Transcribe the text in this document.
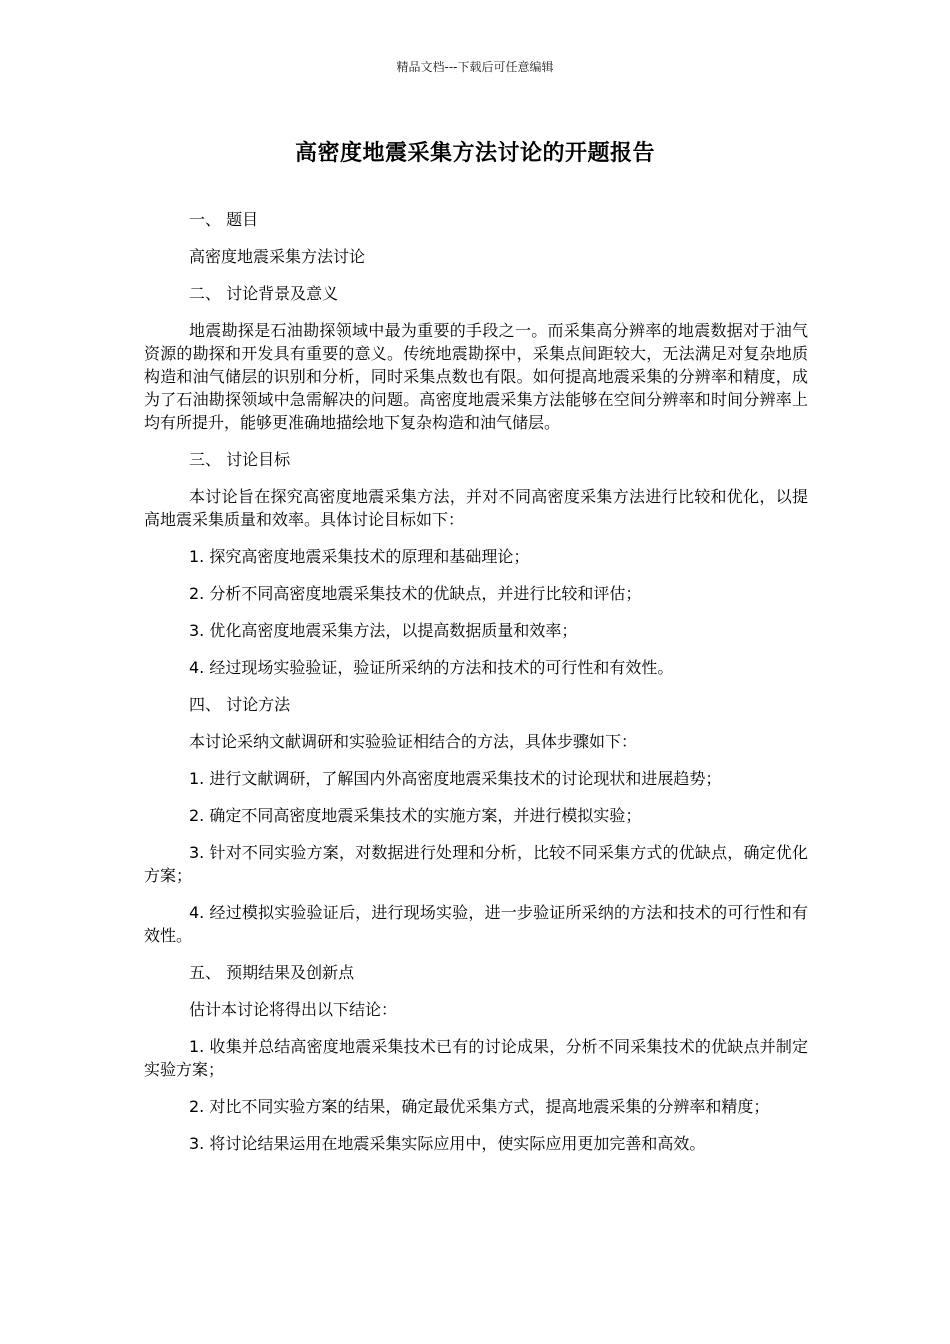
精品文档---下载后可任意编辑
高密度地震采集方法讨论的开题报告

一、 题目

高密度地震采集方法讨论

二、 讨论背景及意义

地震勘探是石油勘探领域中最为重要的手段之一。而采集高分辨率的地震数据对于油气资源的勘探和开发具有重要的意义。传统地震勘探中，采集点间距较大，无法满足对复杂地质构造和油气储层的识别和分析，同时采集点数也有限。如何提高地震采集的分辨率和精度，成为了石油勘探领域中急需解决的问题。高密度地震采集方法能够在空间分辨率和时间分辨率上均有所提升，能够更准确地描绘地下复杂构造和油气储层。

三、 讨论目标

本讨论旨在探究高密度地震采集方法，并对不同高密度采集方法进行比较和优化，以提高地震采集质量和效率。具体讨论目标如下：

1. 探究高密度地震采集技术的原理和基础理论；

2. 分析不同高密度地震采集技术的优缺点，并进行比较和评估；

3. 优化高密度地震采集方法，以提高数据质量和效率；

4. 经过现场实验验证，验证所采纳的方法和技术的可行性和有效性。

四、 讨论方法

本讨论采纳文献调研和实验验证相结合的方法，具体步骤如下：

1. 进行文献调研，了解国内外高密度地震采集技术的讨论现状和进展趋势；

2. 确定不同高密度地震采集技术的实施方案，并进行模拟实验；

3. 针对不同实验方案，对数据进行处理和分析，比较不同采集方式的优缺点，确定优化方案；

4. 经过模拟实验验证后，进行现场实验，进一步验证所采纳的方法和技术的可行性和有效性。

五、 预期结果及创新点

估计本讨论将得出以下结论：

1. 收集并总结高密度地震采集技术已有的讨论成果，分析不同采集技术的优缺点并制定实验方案；

2. 对比不同实验方案的结果，确定最优采集方式，提高地震采集的分辨率和精度；

3. 将讨论结果运用在地震采集实际应用中，使实际应用更加完善和高效。
